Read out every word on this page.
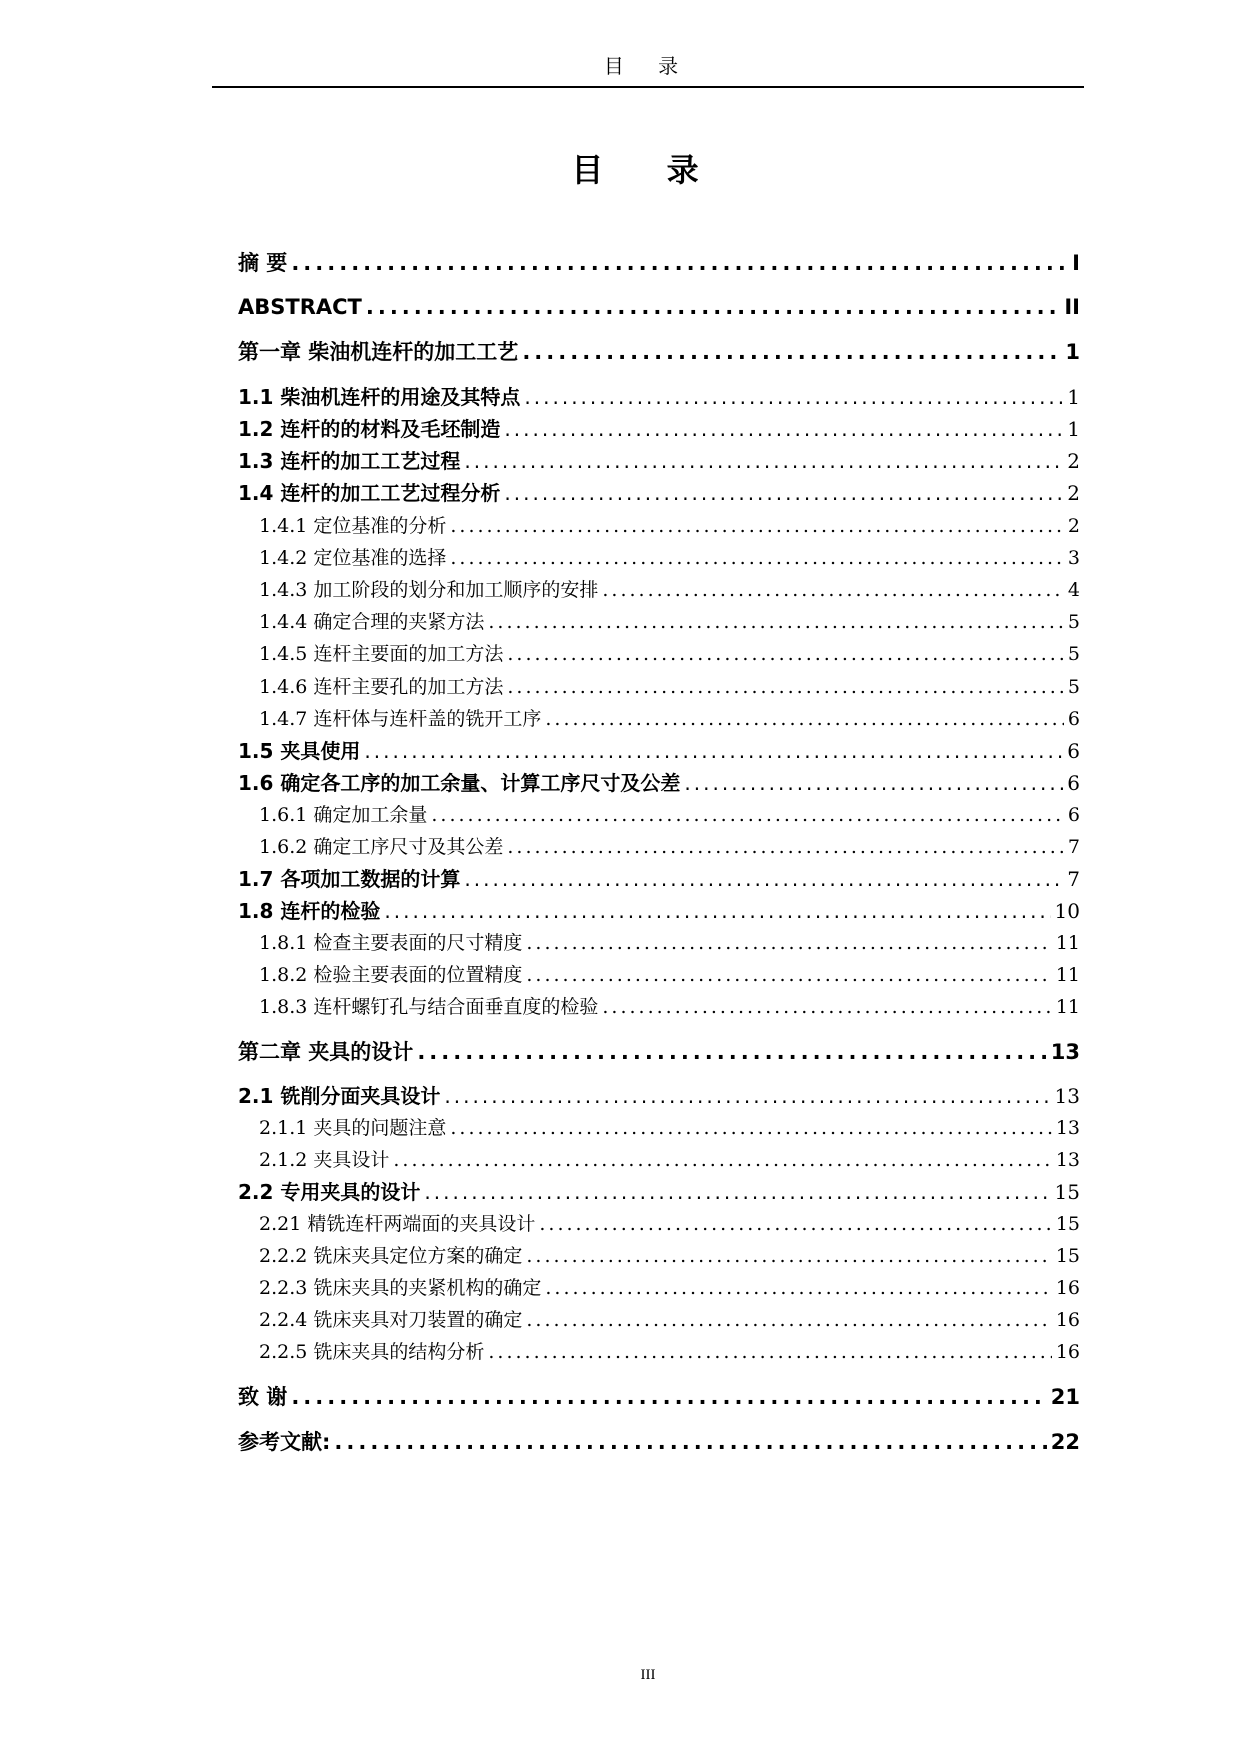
目 录
目 录
摘 要 .....	I
ABSTRACT .....	II
第一章 柴油机连杆的加工工艺 .....	1
1.1 柴油机连杆的用途及其特点 .....	1
1.2 连杆的的材料及毛坯制造 .....	1
1.3 连杆的加工工艺过程 .....	2
1.4 连杆的加工工艺过程分析 .....	2
1.4.1 定位基准的分析 .....	2
1.4.2 定位基准的选择 .....	3
1.4.3 加工阶段的划分和加工顺序的安排 .....	4
1.4.4 确定合理的夹紧方法 .....	5
1.4.5 连杆主要面的加工方法 .....	5
1.4.6 连杆主要孔的加工方法 .....	5
1.4.7 连杆体与连杆盖的铣开工序 .....	6
1.5 夹具使用 .....	6
1.6 确定各工序的加工余量、计算工序尺寸及公差 .....	6
1.6.1 确定加工余量 .....	6
1.6.2 确定工序尺寸及其公差 .....	7
1.7 各项加工数据的计算 .....	7
1.8 连杆的检验 .....	10
1.8.1 检查主要表面的尺寸精度 .....	11
1.8.2 检验主要表面的位置精度 .....	11
1.8.3 连杆螺钉孔与结合面垂直度的检验 .....	11
第二章 夹具的设计 .....	13
2.1 铣削分面夹具设计 .....	13
2.1.1 夹具的问题注意 .....	13
2.1.2 夹具设计 .....	13
2.2 专用夹具的设计 .....	15
2.21 精铣连杆两端面的夹具设计 .....	15
2.2.2 铣床夹具定位方案的确定 .....	15
2.2.3 铣床夹具的夹紧机构的确定 .....	16
2.2.4 铣床夹具对刀装置的确定 .....	16
2.2.5 铣床夹具的结构分析 .....	16
致 谢 .....	21
参考文献: .....	22
III
